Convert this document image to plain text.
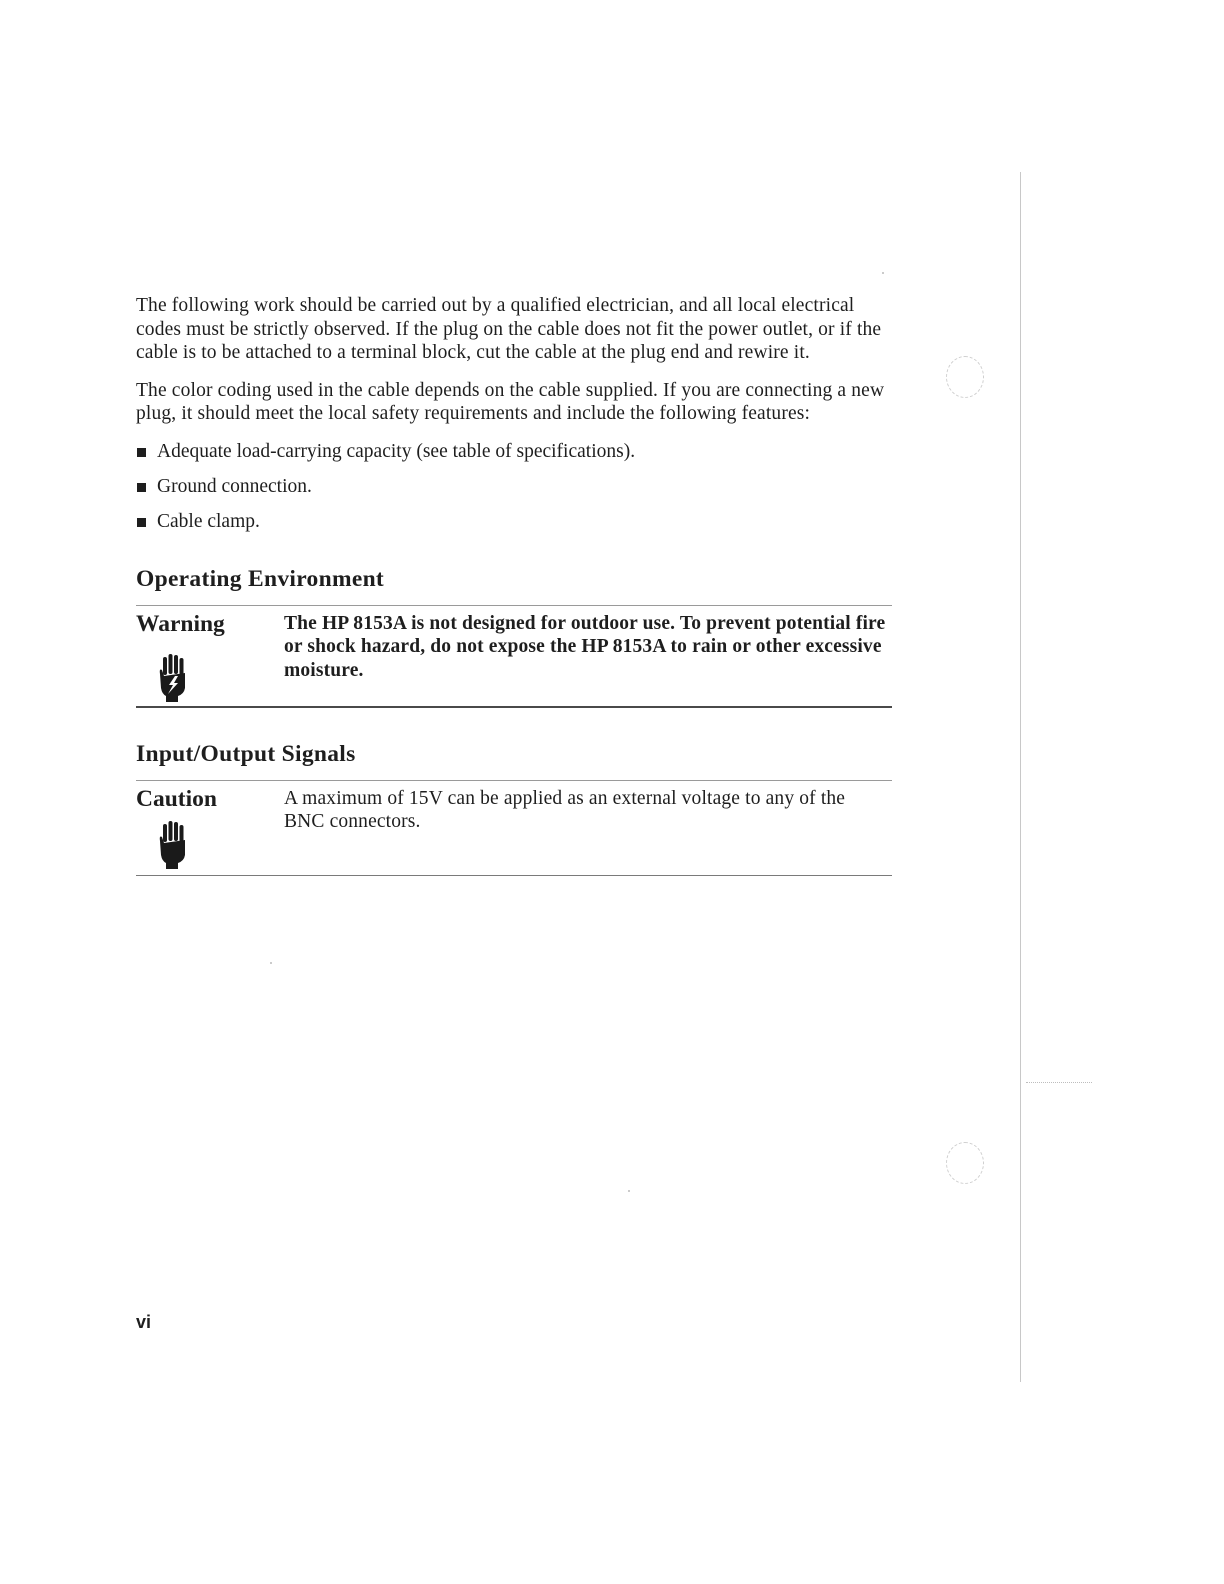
The following work should be carried out by a qualified electrician, and all local electrical codes must be strictly observed. If the plug on the cable does not fit the power outlet, or if the cable is to be attached to a terminal block, cut the cable at the plug end and rewire it.

The color coding used in the cable depends on the cable supplied. If you are connecting a new plug, it should meet the local safety requirements and include the following features:

Adequate load-carrying capacity (see table of specifications).
Ground connection.
Cable clamp.
Operating Environment
Warning	The HP 8153A is not designed for outdoor use. To prevent potential fire or shock hazard, do not expose the HP 8153A to rain or other excessive moisture.
Input/Output Signals
Caution	A maximum of 15V can be applied as an external voltage to any of the BNC connectors.
vi
